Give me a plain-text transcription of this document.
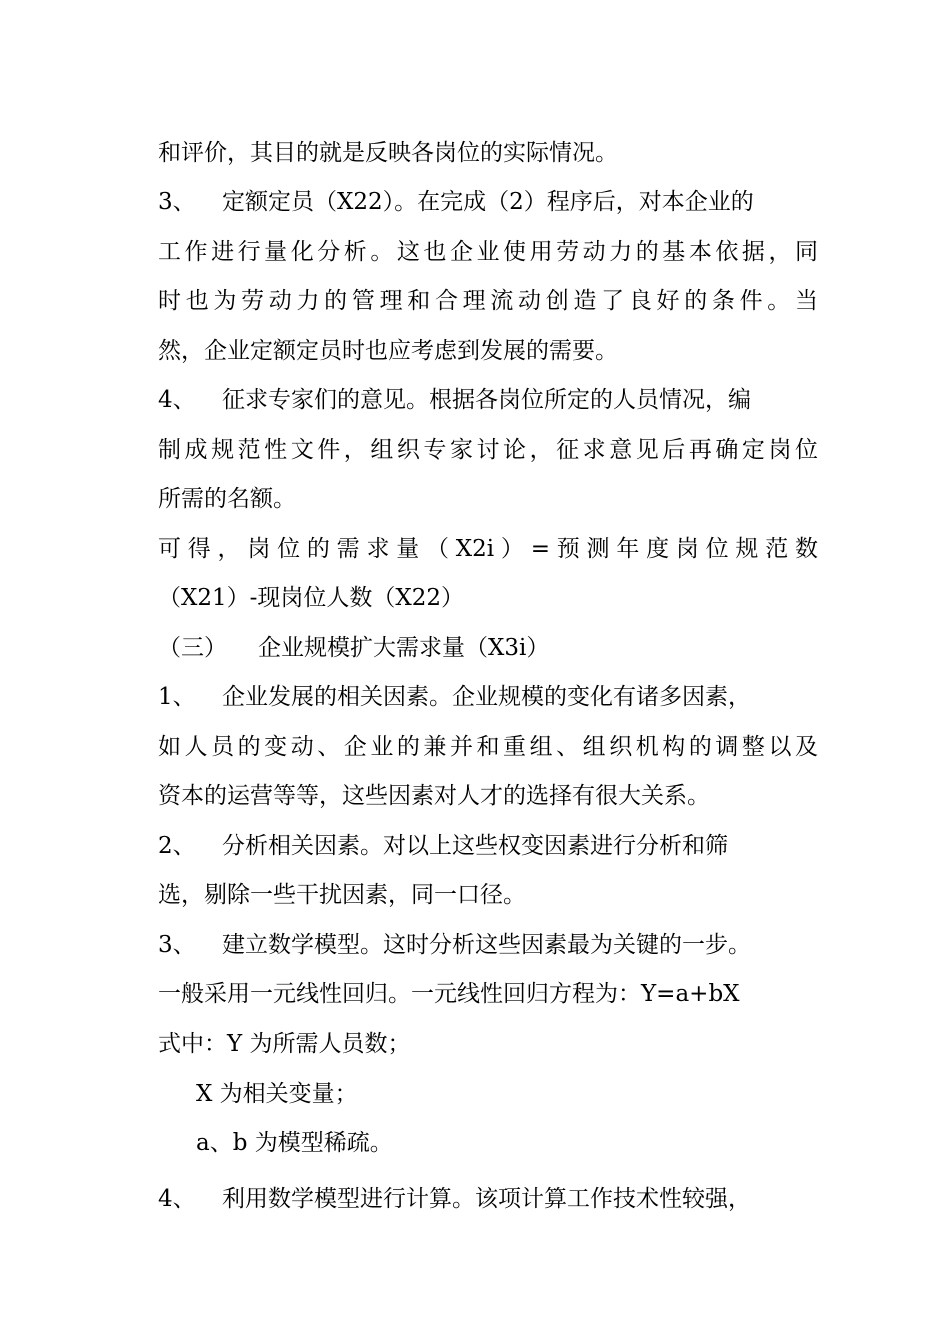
和评价，其目的就是反映各岗位的实际情况。
3、 定额定员（X22）。在完成（2）程序后，对本企业的
工作进行量化分析。这也企业使用劳动力的基本依据，同
时也为劳动力的管理和合理流动创造了良好的条件。当
然，企业定额定员时也应考虑到发展的需要。
4、 征求专家们的意见。根据各岗位所定的人员情况，编
制成规范性文件，组织专家讨论，征求意见后再确定岗位
所需的名额。
可得，岗位的需求量（X2i）=预测年度岗位规范数
（X21）-现岗位人数（X22）
（三） 企业规模扩大需求量（X3i）
1、 企业发展的相关因素。企业规模的变化有诸多因素，
如人员的变动、企业的兼并和重组、组织机构的调整以及
资本的运营等等，这些因素对人才的选择有很大关系。
2、 分析相关因素。对以上这些权变因素进行分析和筛
选，剔除一些干扰因素，同一口径。
3、 建立数学模型。这时分析这些因素最为关键的一步。
一般采用一元线性回归。一元线性回归方程为：Y=a+bX
式中：Y 为所需人员数；
X 为相关变量；
a、b 为模型稀疏。
4、 利用数学模型进行计算。该项计算工作技术性较强，
